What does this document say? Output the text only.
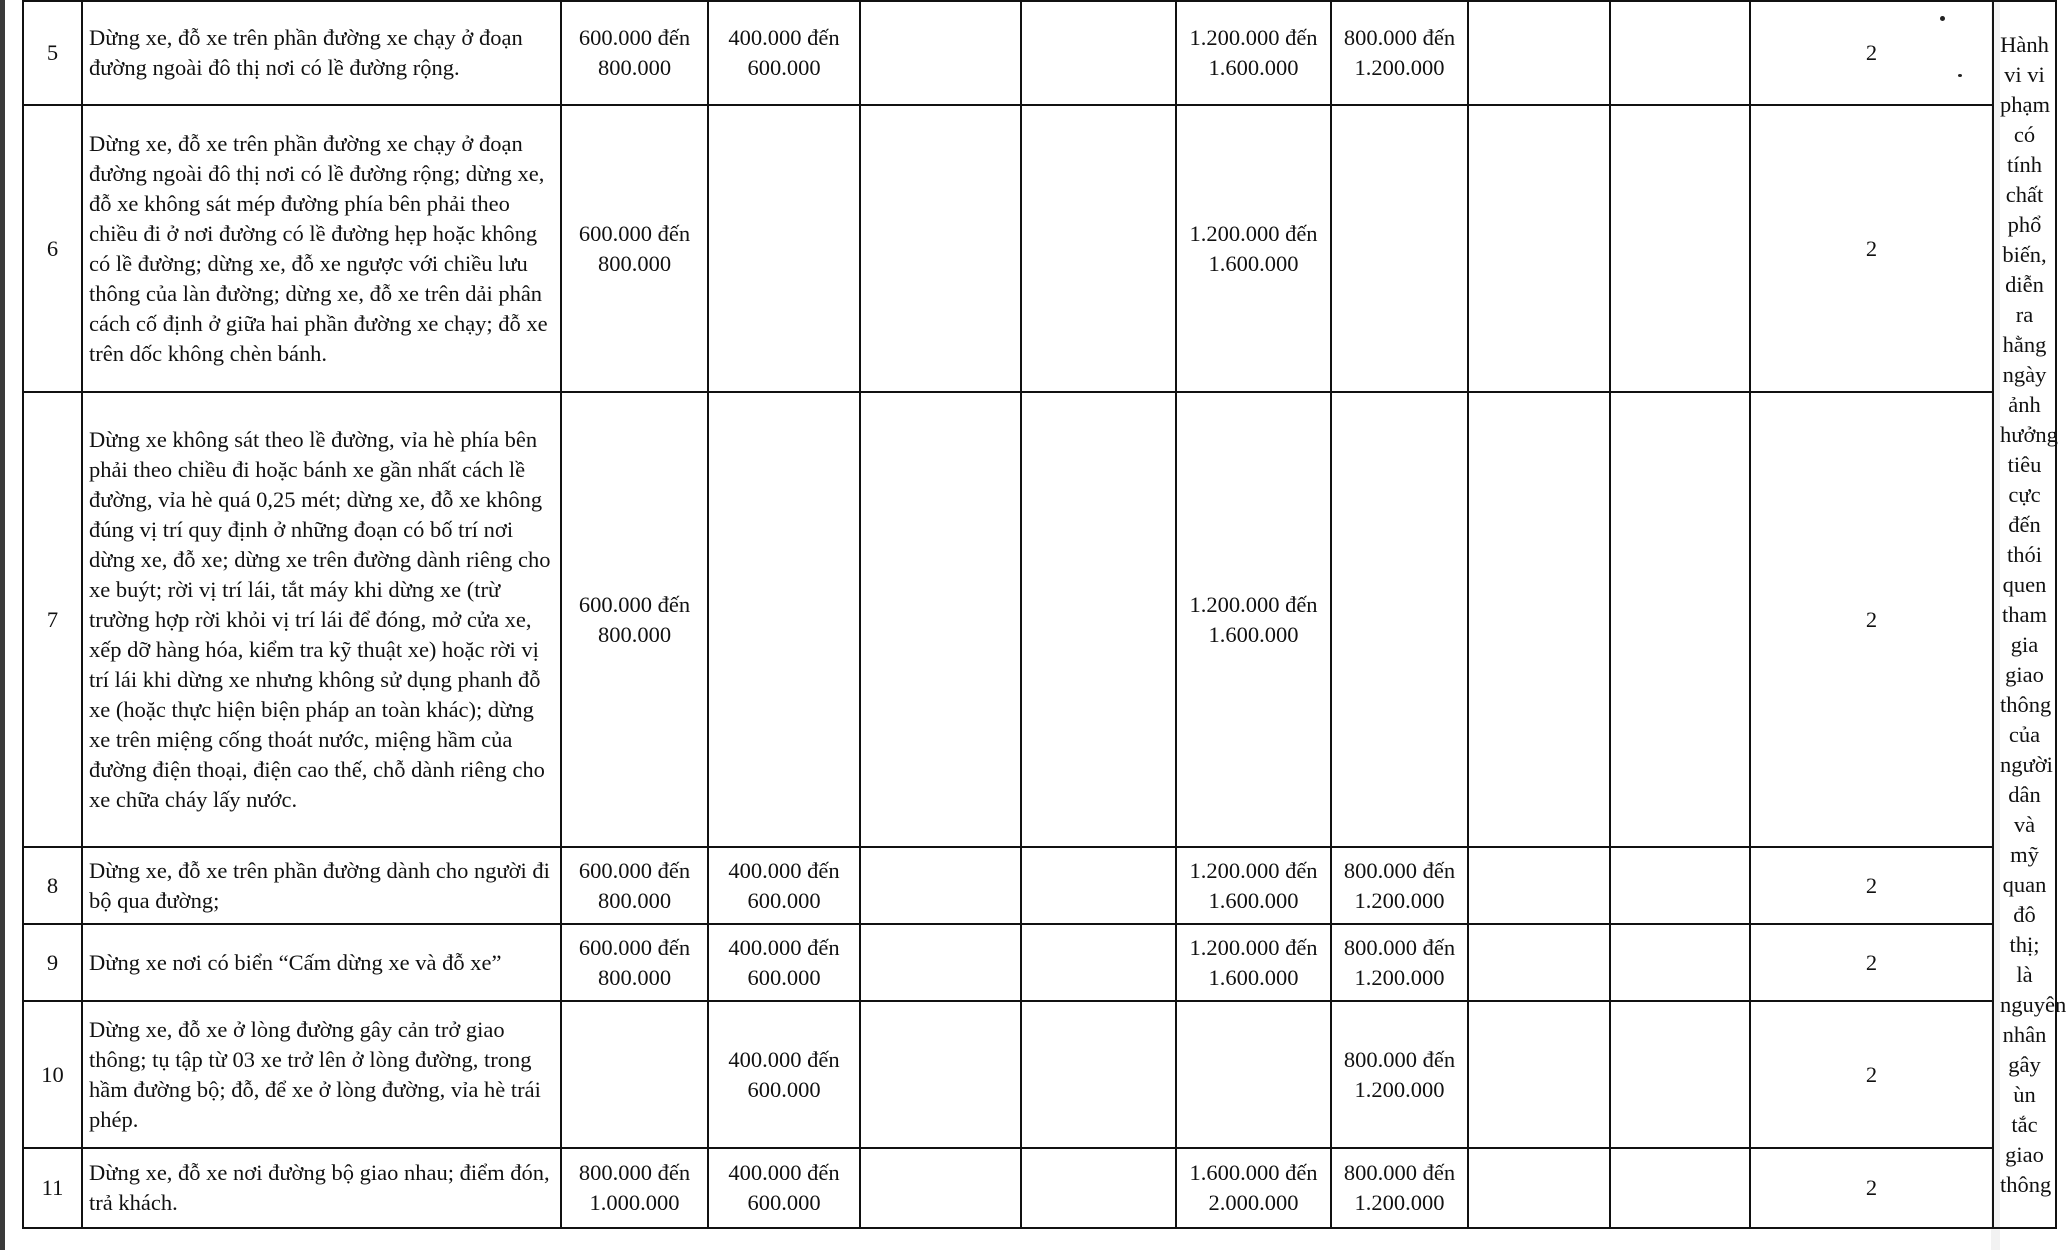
5	Dừng xe, đỗ xe trên phần đường xe chạy ở đoạn đường ngoài đô thị nơi có lề đường rộng.	600.000 đến 800.000	400.000 đến 600.000			1.200.000 đến 1.600.000	800.000 đến 1.200.000			2	Hành vi vi phạm có tính chất phổ biến, diễn ra hằng ngày ảnh hưởng tiêu cực đến thói quen tham gia giao thông của người dân và mỹ quan đô thị; là nguyên nhân gây ùn tắc giao thông
6	Dừng xe, đỗ xe trên phần đường xe chạy ở đoạn đường ngoài đô thị nơi có lề đường rộng; dừng xe, đỗ xe không sát mép đường phía bên phải theo chiều đi ở nơi đường có lề đường hẹp hoặc không có lề đường; dừng xe, đỗ xe ngược với chiều lưu thông của làn đường; dừng xe, đỗ xe trên dải phân cách cố định ở giữa hai phần đường xe chạy; đỗ xe trên dốc không chèn bánh.	600.000 đến 800.000				1.200.000 đến 1.600.000				2	
7	Dừng xe không sát theo lề đường, vỉa hè phía bên phải theo chiều đi hoặc bánh xe gần nhất cách lề đường, vỉa hè quá 0,25 mét; dừng xe, đỗ xe không đúng vị trí quy định ở những đoạn có bố trí nơi dừng xe, đỗ xe; dừng xe trên đường dành riêng cho xe buýt; rời vị trí lái, tắt máy khi dừng xe (trừ trường hợp rời khỏi vị trí lái để đóng, mở cửa xe, xếp dỡ hàng hóa, kiểm tra kỹ thuật xe) hoặc rời vị trí lái khi dừng xe nhưng không sử dụng phanh đỗ xe (hoặc thực hiện biện pháp an toàn khác); dừng xe trên miệng cống thoát nước, miệng hầm của đường điện thoại, điện cao thế, chỗ dành riêng cho xe chữa cháy lấy nước.	600.000 đến 800.000				1.200.000 đến 1.600.000				2	
8	Dừng xe, đỗ xe trên phần đường dành cho người đi bộ qua đường;	600.000 đến 800.000	400.000 đến 600.000			1.200.000 đến 1.600.000	800.000 đến 1.200.000			2	
9	Dừng xe nơi có biển “Cấm dừng xe và đỗ xe”	600.000 đến 800.000	400.000 đến 600.000			1.200.000 đến 1.600.000	800.000 đến 1.200.000			2	
10	Dừng xe, đỗ xe ở lòng đường gây cản trở giao thông; tụ tập từ 03 xe trở lên ở lòng đường, trong hầm đường bộ; đỗ, để xe ở lòng đường, vỉa hè trái phép.		400.000 đến 600.000				800.000 đến 1.200.000			2	
11	Dừng xe, đỗ xe nơi đường bộ giao nhau; điểm đón, trả khách.	800.000 đến 1.000.000	400.000 đến 600.000			1.600.000 đến 2.000.000	800.000 đến 1.200.000			2	
